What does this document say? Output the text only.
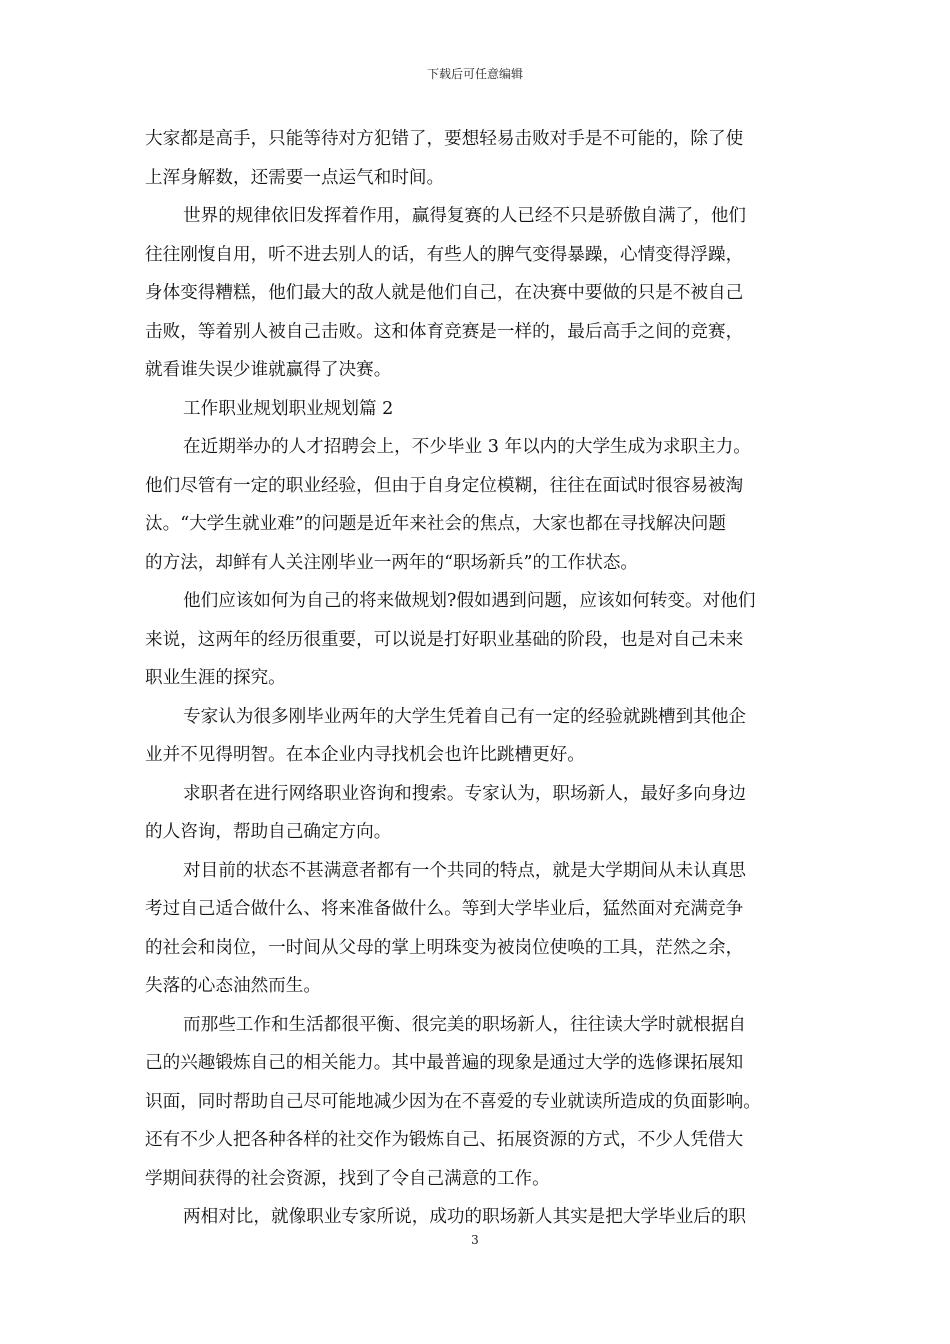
下载后可任意编辑
大家都是高手，只能等待对方犯错了，要想轻易击败对手是不可能的，除了使
上浑身解数，还需要一点运气和时间。
世界的规律依旧发挥着作用，赢得复赛的人已经不只是骄傲自满了，他们
往往刚愎自用，听不进去别人的话，有些人的脾气变得暴躁，心情变得浮躁，
身体变得糟糕，他们最大的敌人就是他们自己，在决赛中要做的只是不被自己
击败，等着别人被自己击败。这和体育竞赛是一样的，最后高手之间的竞赛，
就看谁失误少谁就赢得了决赛。
工作职业规划职业规划篇 2
在近期举办的人才招聘会上，不少毕业 3 年以内的大学生成为求职主力。
他们尽管有一定的职业经验，但由于自身定位模糊，往往在面试时很容易被淘
汰。“大学生就业难”的问题是近年来社会的焦点，大家也都在寻找解决问题
的方法，却鲜有人关注刚毕业一两年的“职场新兵”的工作状态。
他们应该如何为自己的将来做规划?假如遇到问题，应该如何转变。对他们
来说，这两年的经历很重要，可以说是打好职业基础的阶段，也是对自己未来
职业生涯的探究。
专家认为很多刚毕业两年的大学生凭着自己有一定的经验就跳槽到其他企
业并不见得明智。在本企业内寻找机会也许比跳槽更好。
求职者在进行网络职业咨询和搜索。专家认为，职场新人，最好多向身边
的人咨询，帮助自己确定方向。
对目前的状态不甚满意者都有一个共同的特点，就是大学期间从未认真思
考过自己适合做什么、将来准备做什么。等到大学毕业后，猛然面对充满竞争
的社会和岗位，一时间从父母的掌上明珠变为被岗位使唤的工具，茫然之余，
失落的心态油然而生。
而那些工作和生活都很平衡、很完美的职场新人，往往读大学时就根据自
己的兴趣锻炼自己的相关能力。其中最普遍的现象是通过大学的选修课拓展知
识面，同时帮助自己尽可能地减少因为在不喜爱的专业就读所造成的负面影响。
还有不少人把各种各样的社交作为锻炼自己、拓展资源的方式，不少人凭借大
学期间获得的社会资源，找到了令自己满意的工作。
两相对比，就像职业专家所说，成功的职场新人其实是把大学毕业后的职
3
